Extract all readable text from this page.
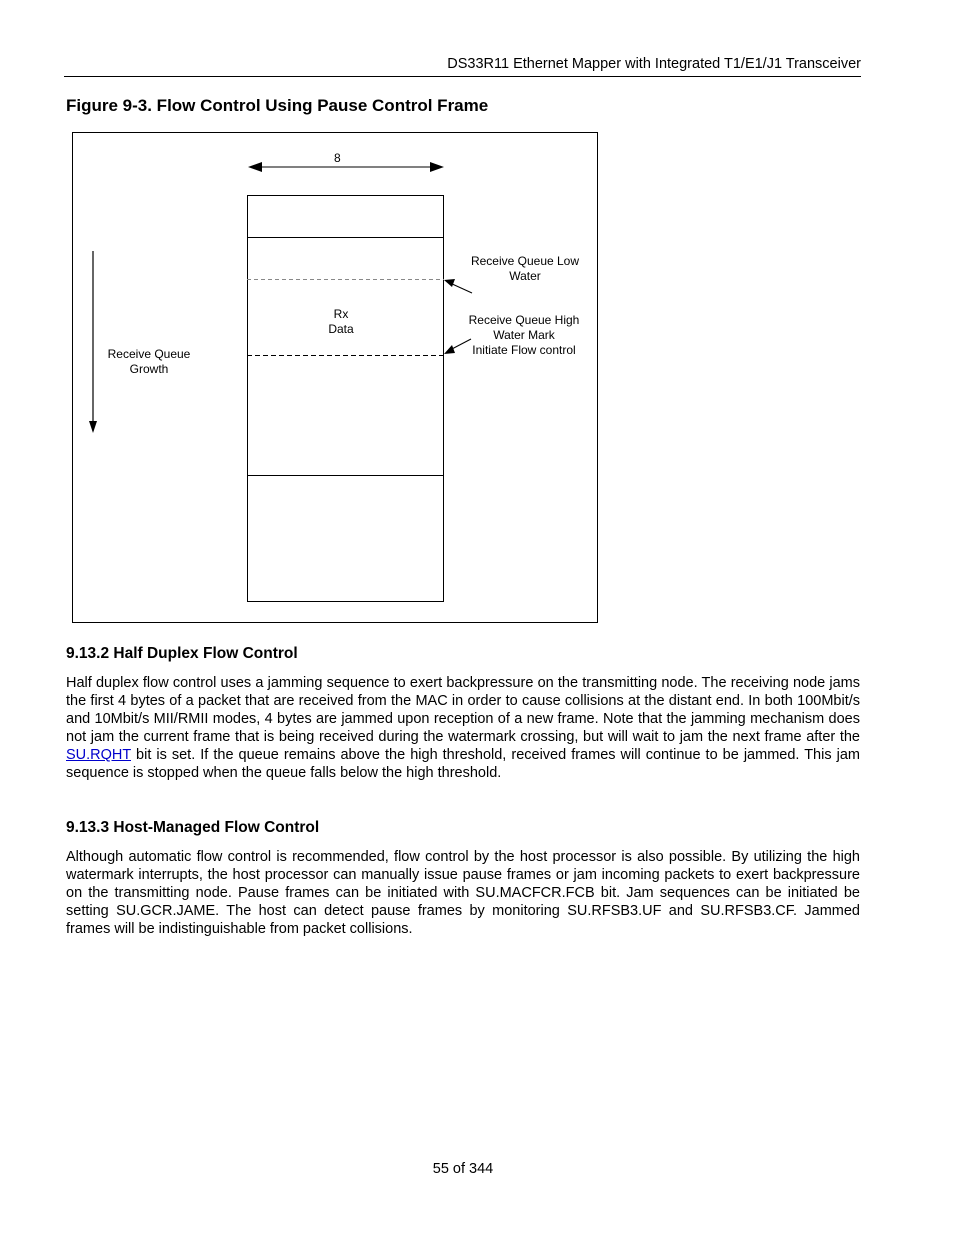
DS33R11 Ethernet Mapper with Integrated T1/E1/J1 Transceiver
Figure 9-3. Flow Control Using Pause Control Frame
8
Rx
Data
Receive Queue
Growth
Receive Queue Low
Water
Receive Queue High
Water Mark
Initiate Flow control
9.13.2 Half Duplex Flow Control

Half duplex flow control uses a jamming sequence to exert backpressure on the transmitting node. The receiving node jams the first 4 bytes of a packet that are received from the MAC in order to cause collisions at the distant end. In both 100Mbit/s and 10Mbit/s MII/RMII modes, 4 bytes are jammed upon reception of a new frame. Note that the jamming mechanism does not jam the current frame that is being received during the watermark crossing, but will wait to jam the next frame after the SU.RQHT bit is set. If the queue remains above the high threshold, received frames will continue to be jammed. This jam sequence is stopped when the queue falls below the high threshold.

9.13.3 Host-Managed Flow Control

Although automatic flow control is recommended, flow control by the host processor is also possible. By utilizing the high watermark interrupts, the host processor can manually issue pause frames or jam incoming packets to exert backpressure on the transmitting node. Pause frames can be initiated with SU.MACFCR.FCB bit. Jam sequences can be initiated be setting SU.GCR.JAME. The host can detect pause frames by monitoring SU.RFSB3.UF and SU.RFSB3.CF. Jammed frames will be indistinguishable from packet collisions.

55 of 344
